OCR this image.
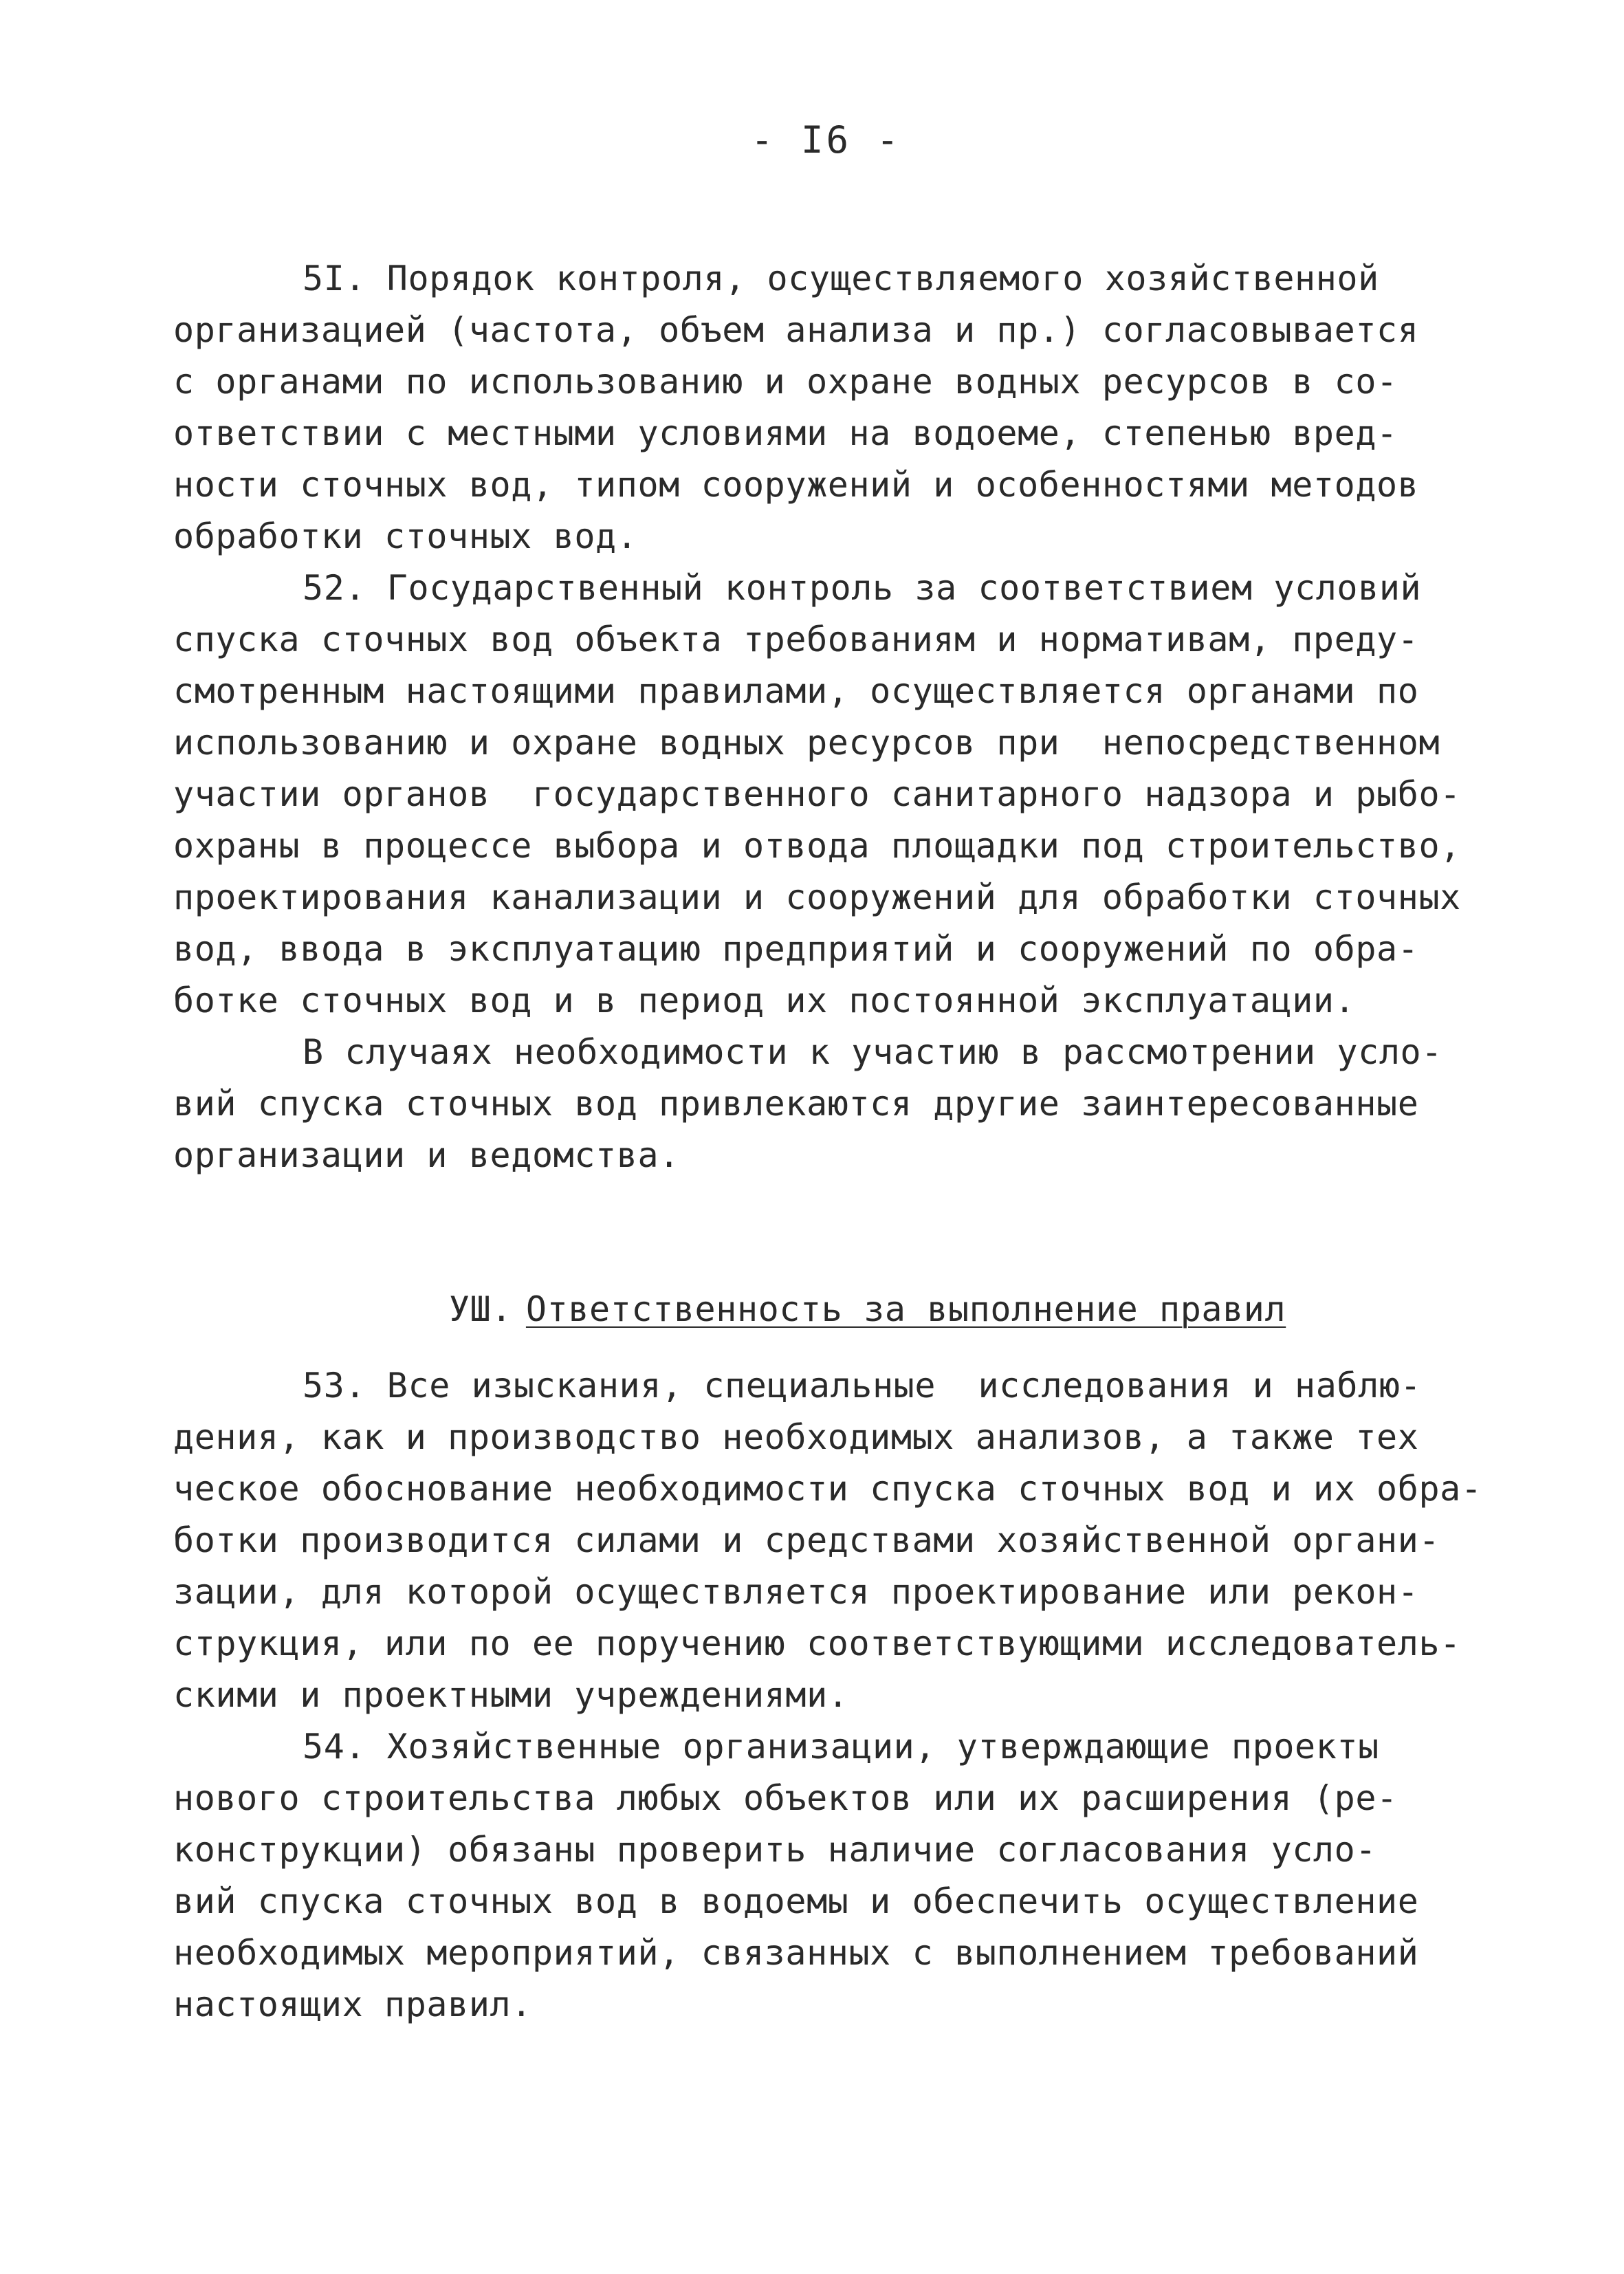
- I6 -
5I. Порядок контроля, осуществляемого хозяйственной
организацией (частота, объем анализа и пр.) согласовывается
с органами по использованию и охране водных ресурсов в со-
ответствии с местными условиями на водоеме, степенью вред-
ности сточных вод, типом сооружений и особенностями методов
обработки сточных вод.
52. Государственный контроль за соответствием условий
спуска сточных вод объекта требованиям и нормативам, преду-
смотренным настоящими правилами, осуществляется органами по
использованию и охране водных ресурсов при  непосредственном
участии органов  государственного санитарного надзора и рыбо-
охраны в процессе выбора и отвода площадки под строительство,
проектирования канализации и сооружений для обработки сточных
вод, ввода в эксплуатацию предприятий и сооружений по обра-
ботке сточных вод и в период их постоянной эксплуатации.
В случаях необходимости к участию в рассмотрении усло-
вий спуска сточных вод привлекаются другие заинтересованные
организации и ведомства.

УШ. Ответственность за выполнение правил

53. Все изыскания, специальные  исследования и наблю-
дения, как и производство необходимых анализов, а также тех
ческое обоснование необходимости спуска сточных вод и их обра-
ботки производится силами и средствами хозяйственной органи-
зации, для которой осуществляется проектирование или рекон-
струкция, или по ее поручению соответствующими исследователь-
скими и проектными учреждениями.
54. Хозяйственные организации, утверждающие проекты
нового строительства любых объектов или их расширения (ре-
конструкции) обязаны проверить наличие согласования усло-
вий спуска сточных вод в водоемы и обеспечить осуществление
необходимых мероприятий, связанных с выполнением требований
настоящих правил.
